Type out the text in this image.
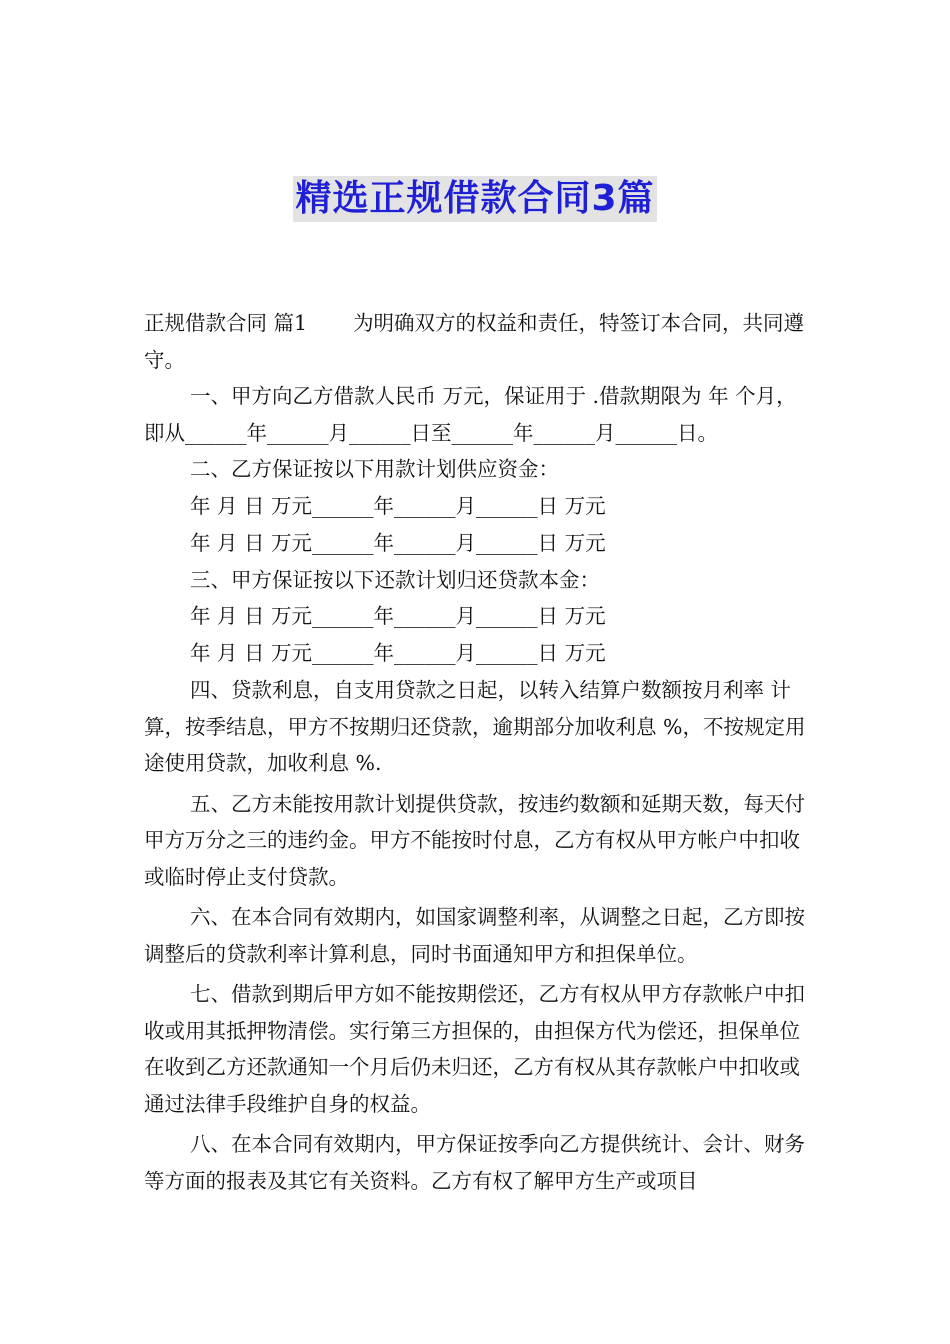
精选正规借款合同3篇

正规借款合同 篇1 为明确双方的权益和责任，特签订本合同，共同遵守。

一、甲方向乙方借款人民币 万元，保证用于 .借款期限为 年 个月，即从______年______月______日至______年______月______日。

二、乙方保证按以下用款计划供应资金：

年 月 日 万元______年______月______日 万元
年 月 日 万元______年______月______日 万元

三、甲方保证按以下还款计划归还贷款本金：

年 月 日 万元______年______月______日 万元
年 月 日 万元______年______月______日 万元

四、贷款利息，自支用贷款之日起，以转入结算户数额按月利率 计算，按季结息，甲方不按期归还贷款，逾期部分加收利息 %，不按规定用途使用贷款，加收利息 %.

五、乙方未能按用款计划提供贷款，按违约数额和延期天数，每天付甲方万分之三的违约金。甲方不能按时付息，乙方有权从甲方帐户中扣收或临时停止支付贷款。

六、在本合同有效期内，如国家调整利率，从调整之日起，乙方即按调整后的贷款利率计算利息，同时书面通知甲方和担保单位。

七、借款到期后甲方如不能按期偿还，乙方有权从甲方存款帐户中扣收或用其抵押物清偿。实行第三方担保的，由担保方代为偿还，担保单位在收到乙方还款通知一个月后仍未归还，乙方有权从其存款帐户中扣收或通过法律手段维护自身的权益。

八、在本合同有效期内，甲方保证按季向乙方提供统计、会计、财务等方面的报表及其它有关资料。乙方有权了解甲方生产或项目
